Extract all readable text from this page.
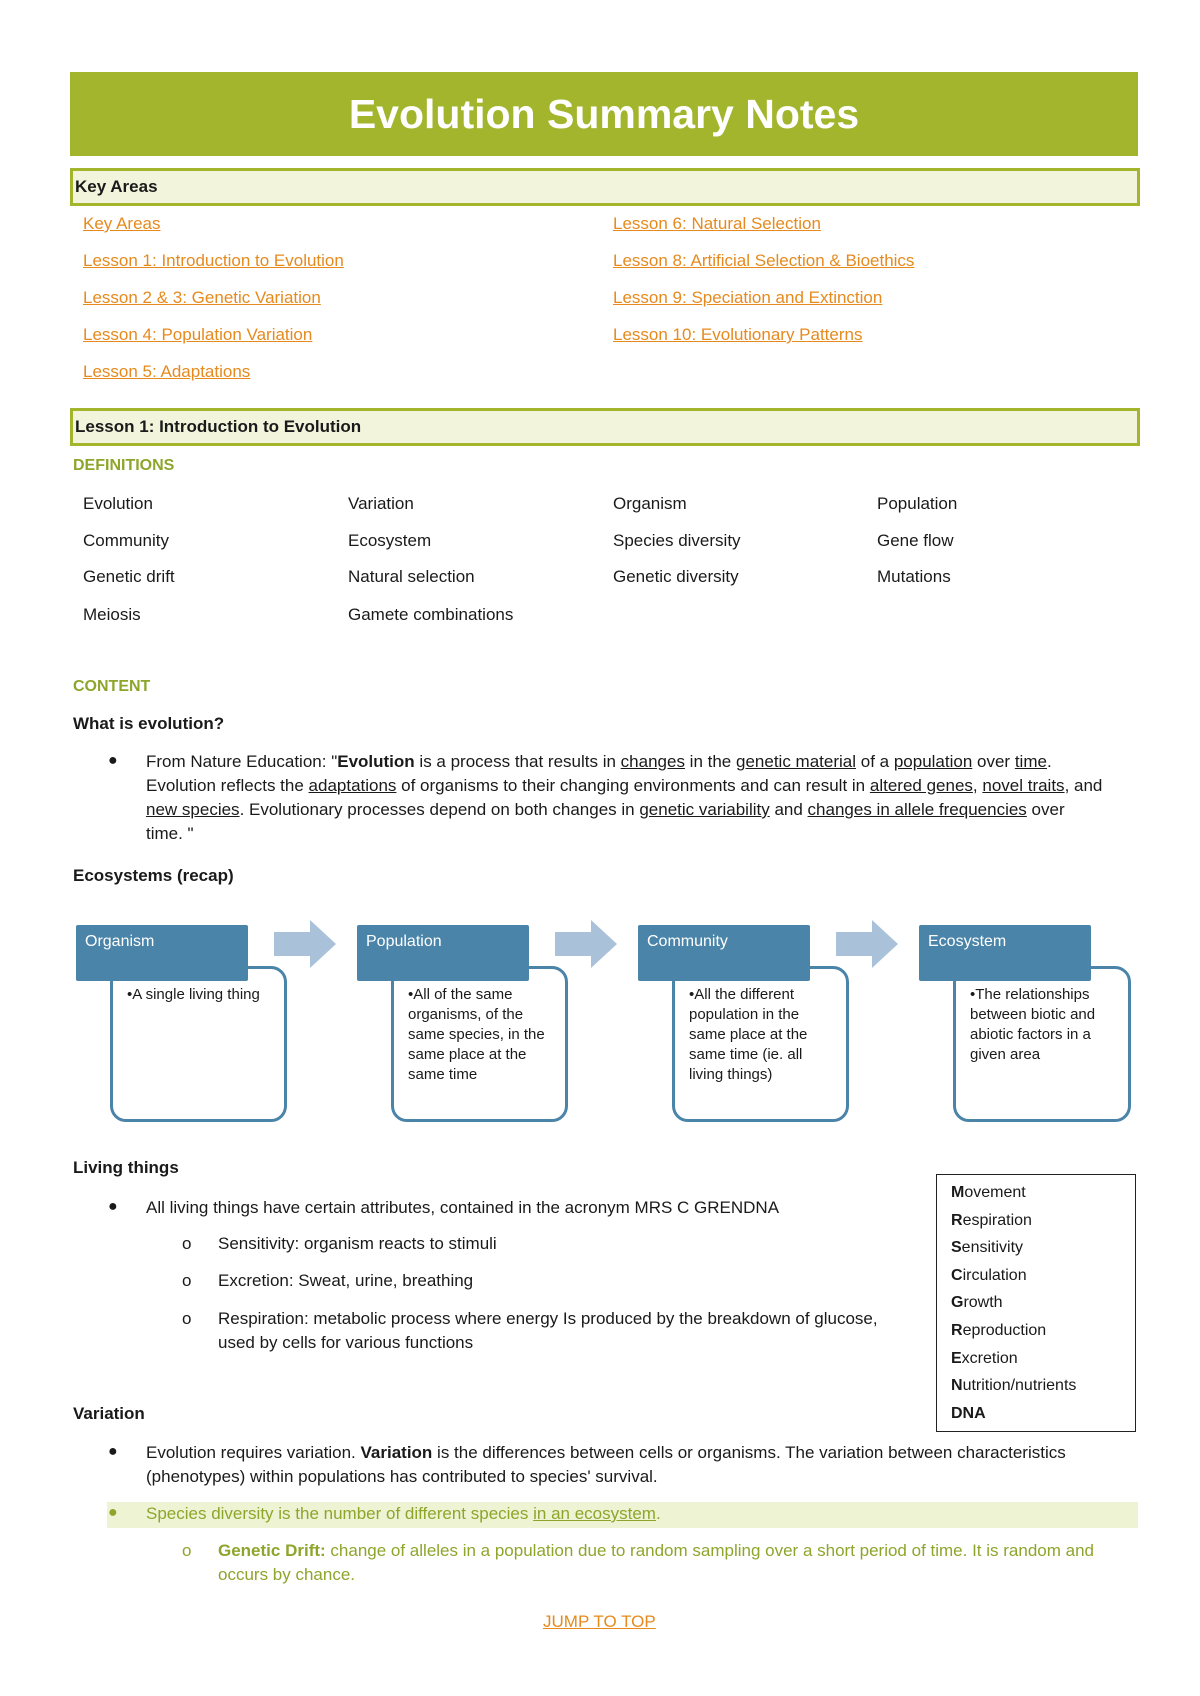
Evolution Summary Notes
Key Areas
Key Areas
Lesson 1: Introduction to Evolution
Lesson 2 & 3: Genetic Variation
Lesson 4: Population Variation
Lesson 5: Adaptations
Lesson 6: Natural Selection
Lesson 8: Artificial Selection & Bioethics
Lesson 9: Speciation and Extinction
Lesson 10: Evolutionary Patterns
Lesson 1: Introduction to Evolution
DEFINITIONS
Evolution	Variation	Organism	Population
Community	Ecosystem	Species diversity	Gene flow
Genetic drift	Natural selection	Genetic diversity	Mutations
Meiosis	Gamete combinations
CONTENT
What is evolution?
● From Nature Education: "Evolution is a process that results in changes in the genetic material of a population over time. Evolution reflects the adaptations of organisms to their changing environments and can result in altered genes, novel traits, and new species. Evolutionary processes depend on both changes in genetic variability and changes in allele frequencies over time. "
Ecosystems (recap)
•A single living thing
Organism
•All of the same organisms, of the same species, in the same place at the same time
Population
•All the different population in the same place at the same time (ie. all living things)
Community
•The relationships between biotic and abiotic factors in a given area
Ecosystem
Living things
● All living things have certain attributes, contained in the acronym MRS C GRENDNA
o Sensitivity: organism reacts to stimuli
o Excretion: Sweat, urine, breathing
o Respiration: metabolic process where energy Is produced by the breakdown of glucose, used by cells for various functions
Movement
Respiration
Sensitivity
Circulation
Growth
Reproduction
Excretion
Nutrition/nutrients
DNA
Variation
● Evolution requires variation. Variation is the differences between cells or organisms. The variation between characteristics (phenotypes) within populations has contributed to species' survival.
● Species diversity is the number of different species in an ecosystem.
o Genetic Drift: change of alleles in a population due to random sampling over a short period of time. It is random and occurs by chance.
JUMP TO TOP
